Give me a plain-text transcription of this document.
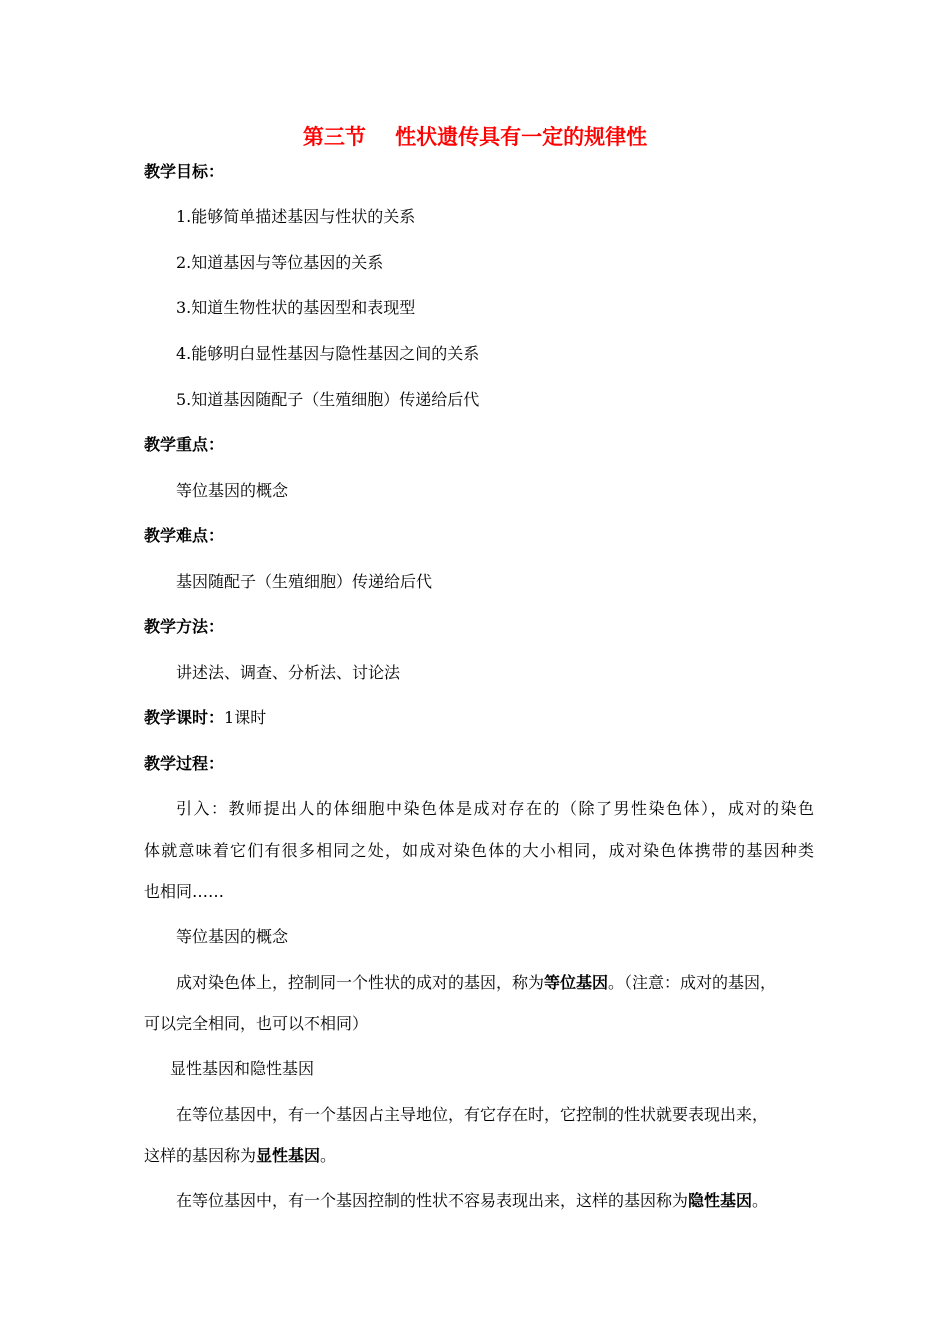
第三节    性状遗传具有一定的规律性
教学目标：
1.能够简单描述基因与性状的关系
2.知道基因与等位基因的关系
3.知道生物性状的基因型和表现型
4.能够明白显性基因与隐性基因之间的关系
5.知道基因随配子（生殖细胞）传递给后代
教学重点：
等位基因的概念
教学难点：
基因随配子（生殖细胞）传递给后代
教学方法：
讲述法、调查、分析法、讨论法
教学课时：1课时
教学过程：
引入：教师提出人的体细胞中染色体是成对存在的（除了男性染色体），成对的染色
体就意味着它们有很多相同之处，如成对染色体的大小相同，成对染色体携带的基因种类
也相同……
等位基因的概念
成对染色体上，控制同一个性状的成对的基因，称为等位基因。（注意：成对的基因，
可以完全相同，也可以不相同）
显性基因和隐性基因
在等位基因中，有一个基因占主导地位，有它存在时，它控制的性状就要表现出来，
这样的基因称为显性基因。
在等位基因中，有一个基因控制的性状不容易表现出来，这样的基因称为隐性基因。
